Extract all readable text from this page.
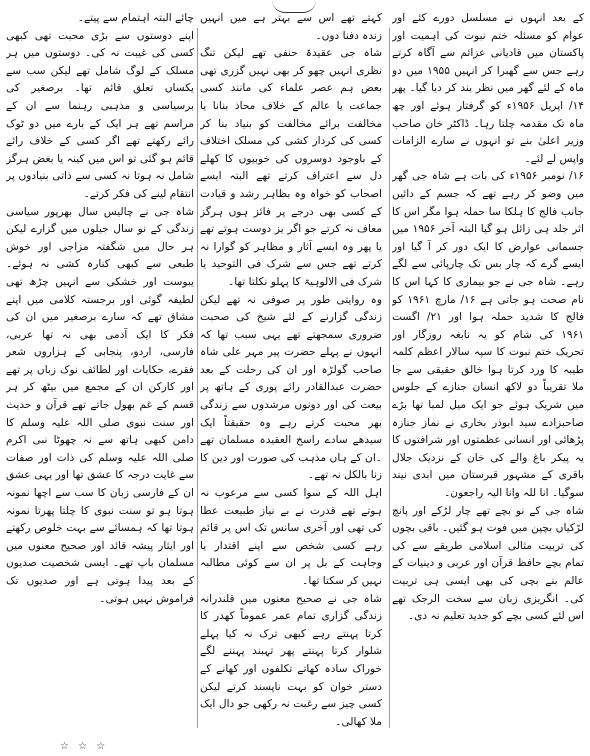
کے بعد انہوں نے مسلسل دورے کئے اور عوام کو مسئلہ ختم نبوت کی اہمیت اور پاکستان میں قادیانی عزائم سے آگاہ کرتے رہے جس سے گھبرا کر انہیں ۱۹۵۵ میں دو ماہ کے لئے گھر میں نظر بند کر دیا گیا۔ پھر ۱۴/ اپریل ۱۹۵۶ء کو گرفتار ہوئے اور چھ ماہ تک مقدمہ چلتا رہا۔ ڈاکٹر خان صاحب وزیر اعلیٰ بنے تو انہوں نے سارے الزامات واپس لے لئے۔

۱۶/ نومبر ۱۹۵۶ء کی بات ہے شاہ جی گھر میں وضو کر رہے تھے کہ جسم کے دائیں جانب فالج کا ہلکا سا حملہ ہوا مگر اس کا اثر جلد ہی زائل ہو گیا البتہ آخر ۱۹۵۶ میں جسمانی عوارض کا ایک دور کر آ گیا اور ایسے گرے کہ چار بس تک چارپائی سے لگے رہے۔ شاہ جی نے جو بیماری کا کہا اس کا نام صحت ہو جاتی ہے ۱۶/ مارچ ۱۹۶۱ کو فالج کا شدید حملہ ہوا اور ۲۱/ اگست ۱۹۶۱ کی شام کو یہ نابغہ روزگار اور تحریک ختم نبوت کا سپہ سالار اعظم کلمہ طیبہ کا ورد کرتا ہوا خالق حقیقی سے جا ملا تقریباً دو لاکھ انسان جنازے کے جلوس میں شریک ہوئے جو ایک میل لمبا تھا بڑے صاحبزادے سید ابوذر بخاری نے نماز جنازہ پڑھائی اور انسانی عظمتوں اور شرافتوں کا یہ پیکر باغ والے کی خان کے نزدیک جلال باقری کے مشہور قبرستان میں ابدی نیند سوگیا۔ انا للہ وانا الیہ راجعون۔

شاہ جی کے نو بچے تھے چار لڑکے اور پانچ لڑکیاں بچپن میں فوت ہو گئیں۔ باقی بچوں کی تربیت مثالی اسلامی طریقے سے کی تمام بچے حافظ قرآن اور عربی و دینیات کے عالم بنے بچی کی بھی ایسی ہی تربیت کی۔ انگریزی زبان سے سخت الرجک تھے اس لئے کسی بچے کو جدید تعلیم نہ دی۔

کہتے تھے اس سے بہتر ہے میں انہیں زندہ دفنا دوں۔

شاہ جی عقیدۃ حنفی تھے لیکن تنگ نظری انہیں چھو کر بھی نہیں گزری تھی بعض ہم عصر علماء کی مانند کسی جماعت یا عالم کے خلاف محاذ بنانا یا مخالفت برائے مخالفت کو بنیاد بنا کر کسی کی کردار کشی کی مسلک اختلاف کے باوجود دوسروں کی خوبیوں کا کھلے دل سے اعتراف کرتے تھے البتہ ایسے اصحاب کو خواہ وہ بظاہر رشد و قیادت کے کسی بھی درجے پر فائز ہوں ہرگز معاف نہ کرتے جو اگر یز دوست ہوتے تھے یا پھر وہ ایسے آثار و مظاہر کو گوارا نہ کرتے تھے جس سے شرک فی التوحید یا شرک فی الالوہیۃ کا پہلو نکلتا تھا۔

وہ روایتی طور پر صوفی نہ تھے لیکن زندگی گزارنے کے لئے شیخ کی صحبت ضروری سمجھتے تھے یہی سبب تھا کہ انہوں نے پہلے حضرت پیر مہر علی شاہ صاحب گولڑہ اور ان کی رحلت کے بعد حضرت عبدالقادر رائے پوری کے ہاتھ پر بیعت کی اور دونوں مرشدوں سے زندگی بھر محبت کرتے رہے وہ حقیقتاً ایک سیدھے سادے راسخ العقیدہ مسلمان تھے ۔ان کے ہاں مذہب کی صورت اور دین کا زنا بالکل نہ تھے۔

اہل اللہ کے سوا کسی سے مرعوب نہ ہوتے تھے قدرت نے بے نیاز طبیعت عطا کی تھی اور آخری سانس تک اس پر قائم رہے کسی شخص سے اپنے اقتدار یا وجاہت کے بل پر ان سے کوئی مطالبہ نہیں کر سکتا تھا۔

شاہ جی نے صحیح معنوں میں قلندرانہ زندگی گزاری تمام عمر عموماً کھدر کا کرتا پہنتے رہے کبھی ترک نہ کیا پہلے شلوار کرتا پہنتے پھر تہبند پہننے لگے خوراک سادہ کھاتے تکلفوں اور کھانے کے دستر خوان کو بہت ناپسند کرتے لیکن کسی چیز سے رغبت نہ رکھی جو دال ایک ملا کھالی۔

چائے البتہ اہتمام سے پیتے۔

اپنے دوستوں سے بڑی محبت تھی کبھی کسی کی غیبت نہ کی۔ دوستوں میں ہر مسلک کے لوگ شامل تھے لیکن سب سے یکساں تعلق قائم تھا۔ برصغیر کی برسیاسی و مذہبی رہنما سے ان کے مراسم تھے ہر ایک کے بارے میں دو ٹوک رائے رکھتے تھے اگر کسی کے خلاف رائے قائم ہو گئی تو اس میں کینہ یا بغض ہرگز شامل نہ ہوتا نہ کسی سے ذاتی بنیادوں پر انتقام لینے کی فکر کرتے۔

شاہ جی نے چالیس سال بھرپور سیاسی زندگی کے نو سال جیلوں میں گزارے لیکن ہر حال میں شگفتہ مزاجی اور خوش طبعی سے کبھی کنارہ کشی نہ ہوئے۔ یبوست اور خشکی سے انہیں چڑھ تھی لطیفہ گوئی اور برجستہ کلامی میں اپنے مشاق تھے کہ سارے برصغیر میں ان کی فکر کا ایک آدمی بھی نہ تھا عربی، فارسی، اردو، پنجابی کے ہزاروں شعر فقرے، حکایات اور لطائف نوک زباں پر تھے اور کارکن ان کے مجمع میں بیٹھ کر ہر قسم کے غم بھول جاتے تھے قرآن و حدیث اور سنت نبوی صلی اللہ علیہ وسلم کا دامن کبھی ہاتھ سے نہ چھوٹا نبی اکرم صلی اللہ علیہ وسلم کی ذات اور صفات سے غایت درجہ کا عشق تھا اور یہی عشق ان کے فارسی زبان کا سب سے اچھا نمونہ ہوتا ہو تو سنت نبوی کا چلتا پھرتا نمونہ ہوتا تھا کہ ہمسائے سے بہت خلوص رکھتے اور ایثار پیشہ قائد اور صحیح معنوں میں مسلمان باپ تھے۔ ایسی شخصیت صدیوں کے بعد پیدا ہوتی ہے اور صدیوں تک فراموش نہیں ہوتی۔

☆ ☆ ☆
